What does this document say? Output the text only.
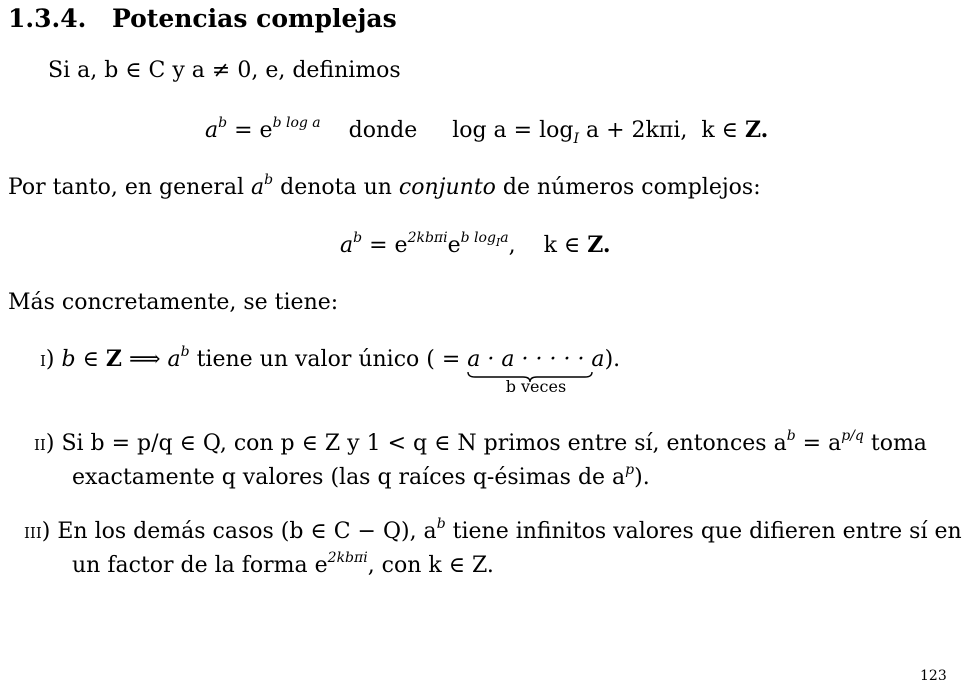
1.3.4. Potencias complejas
Si a, b ∈ C y a ≠ 0, e, definimos
$a^b = e^{b log a}$ donde $\log a = \log_I a + 2k\pi i$, k ∈ Z.
Por tanto, en general $a^b$ denota un conjunto de números complejos:
$a^b = e^{2kb\pi i}e^{b logIa}$, k ∈ Z.
Más concretamente, se tiene:
i) b ∈ Z ⟹ $a^b$ tiene un valor único ( = a · a · · · · · a
b veces
).
ii) Si b = p/q ∈ Q, con p ∈ Z y 1 < q ∈ N primos entre sí, entonces $a^b = a^{p/q}$ toma
exactamente q valores (las q raíces q-ésimas de $a^p$).
iii) En los demás casos (b ∈ C − Q), $a^b$ tiene infinitos valores que difieren entre sí en
un factor de la forma $e^{2kb\pi i}$, con k ∈ Z.
123
